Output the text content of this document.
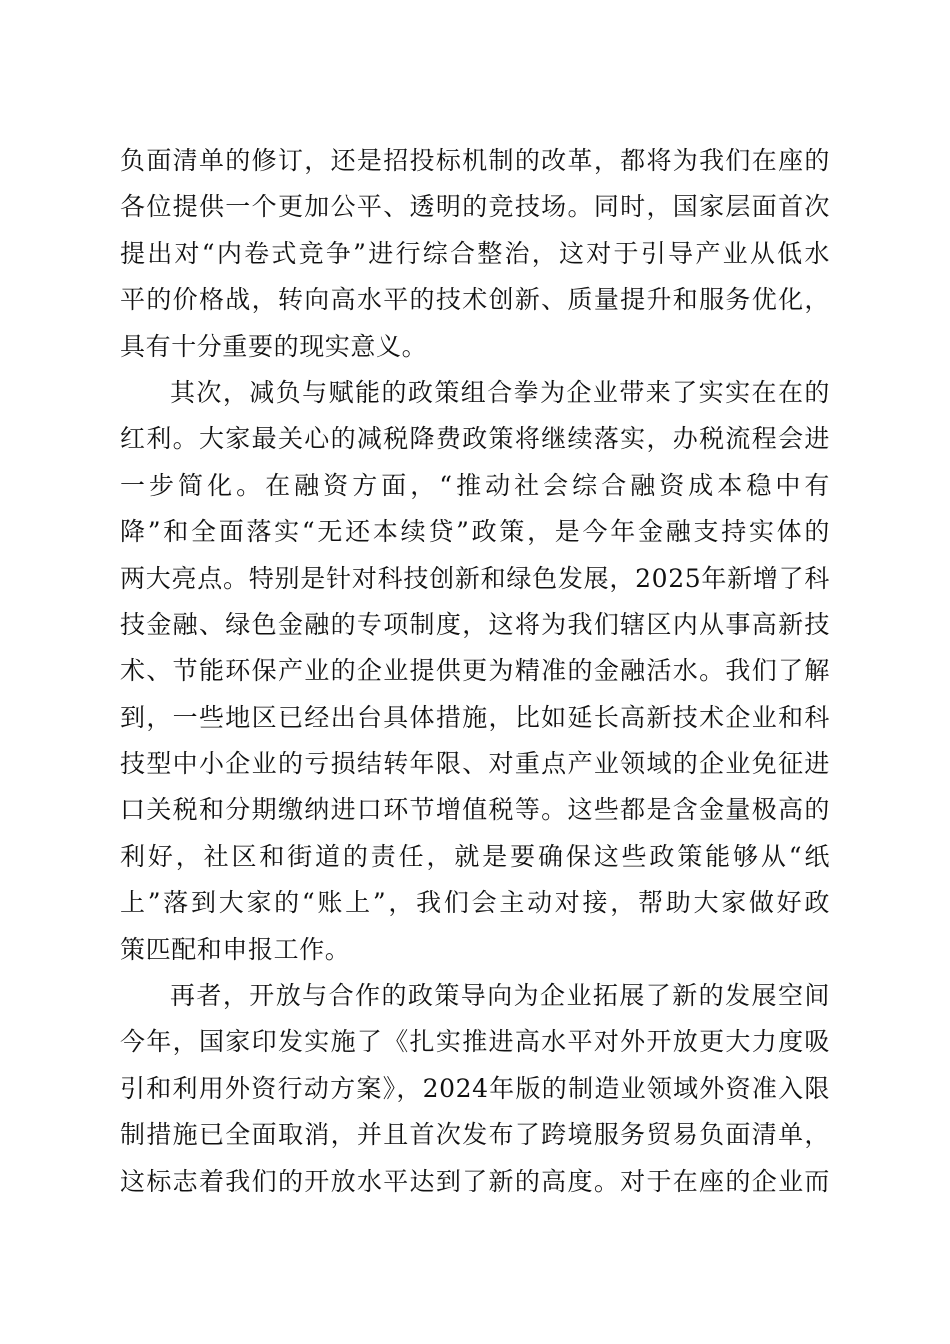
负面清单的修订，还是招投标机制的改革，都将为我们在座的
各位提供一个更加公平、透明的竞技场。同时，国家层面首次
提出对“内卷式竞争”进行综合整治，这对于引导产业从低水
平的价格战，转向高水平的技术创新、质量提升和服务优化，
具有十分重要的现实意义。
其次，减负与赋能的政策组合拳为企业带来了实实在在的
红利。大家最关心的减税降费政策将继续落实，办税流程会进
一步简化。在融资方面，“推动社会综合融资成本稳中有
降”和全面落实“无还本续贷”政策，是今年金融支持实体的
两大亮点。特别是针对科技创新和绿色发展，2025年新增了科
技金融、绿色金融的专项制度，这将为我们辖区内从事高新技
术、节能环保产业的企业提供更为精准的金融活水。我们了解
到，一些地区已经出台具体措施，比如延长高新技术企业和科
技型中小企业的亏损结转年限、对重点产业领域的企业免征进
口关税和分期缴纳进口环节增值税等。这些都是含金量极高的
利好，社区和街道的责任，就是要确保这些政策能够从“纸
上”落到大家的“账上”，我们会主动对接，帮助大家做好政
策匹配和申报工作。
再者，开放与合作的政策导向为企业拓展了新的发展空间
今年，国家印发实施了《扎实推进高水平对外开放更大力度吸
引和利用外资行动方案》，2024年版的制造业领域外资准入限
制措施已全面取消，并且首次发布了跨境服务贸易负面清单，
这标志着我们的开放水平达到了新的高度。对于在座的企业而
